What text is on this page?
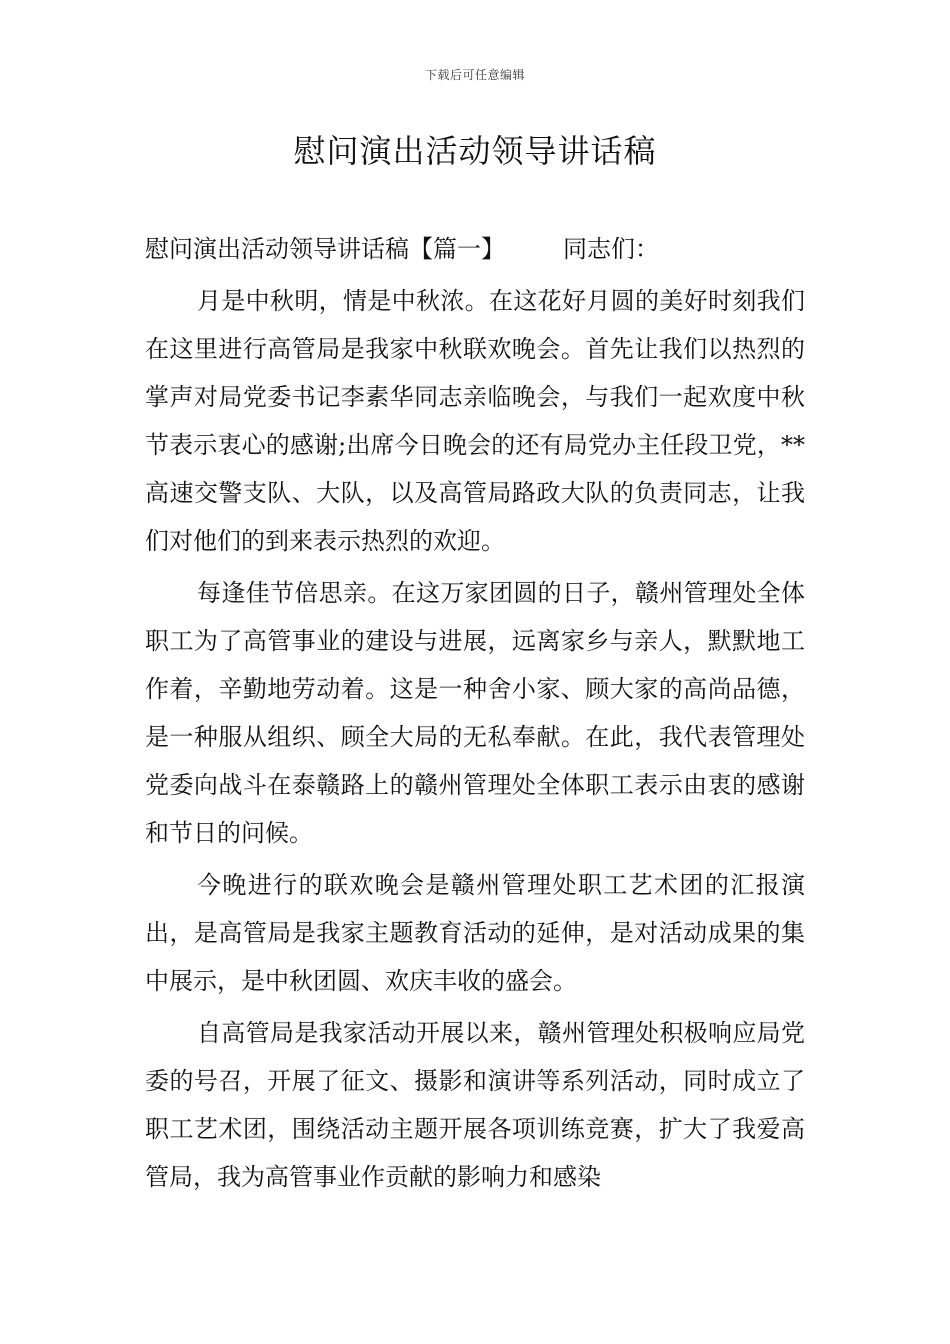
下载后可任意编辑
慰问演出活动领导讲话稿
慰问演出活动领导讲话稿【篇一】 同志们：

月是中秋明，情是中秋浓。在这花好月圆的美好时刻我们在这里进行高管局是我家中秋联欢晚会。首先让我们以热烈的掌声对局党委书记李素华同志亲临晚会，与我们一起欢度中秋节表示衷心的感谢;出席今日晚会的还有局党办主任段卫党，**高速交警支队、大队，以及高管局路政大队的负责同志，让我们对他们的到来表示热烈的欢迎。

每逢佳节倍思亲。在这万家团圆的日子，赣州管理处全体职工为了高管事业的建设与进展，远离家乡与亲人，默默地工作着，辛勤地劳动着。这是一种舍小家、顾大家的高尚品德，是一种服从组织、顾全大局的无私奉献。在此，我代表管理处党委向战斗在泰赣路上的赣州管理处全体职工表示由衷的感谢和节日的问候。

今晚进行的联欢晚会是赣州管理处职工艺术团的汇报演出，是高管局是我家主题教育活动的延伸，是对活动成果的集中展示，是中秋团圆、欢庆丰收的盛会。

自高管局是我家活动开展以来，赣州管理处积极响应局党委的号召，开展了征文、摄影和演讲等系列活动，同时成立了职工艺术团，围绕活动主题开展各项训练竞赛，扩大了我爱高管局，我为高管事业作贡献的影响力和感染
